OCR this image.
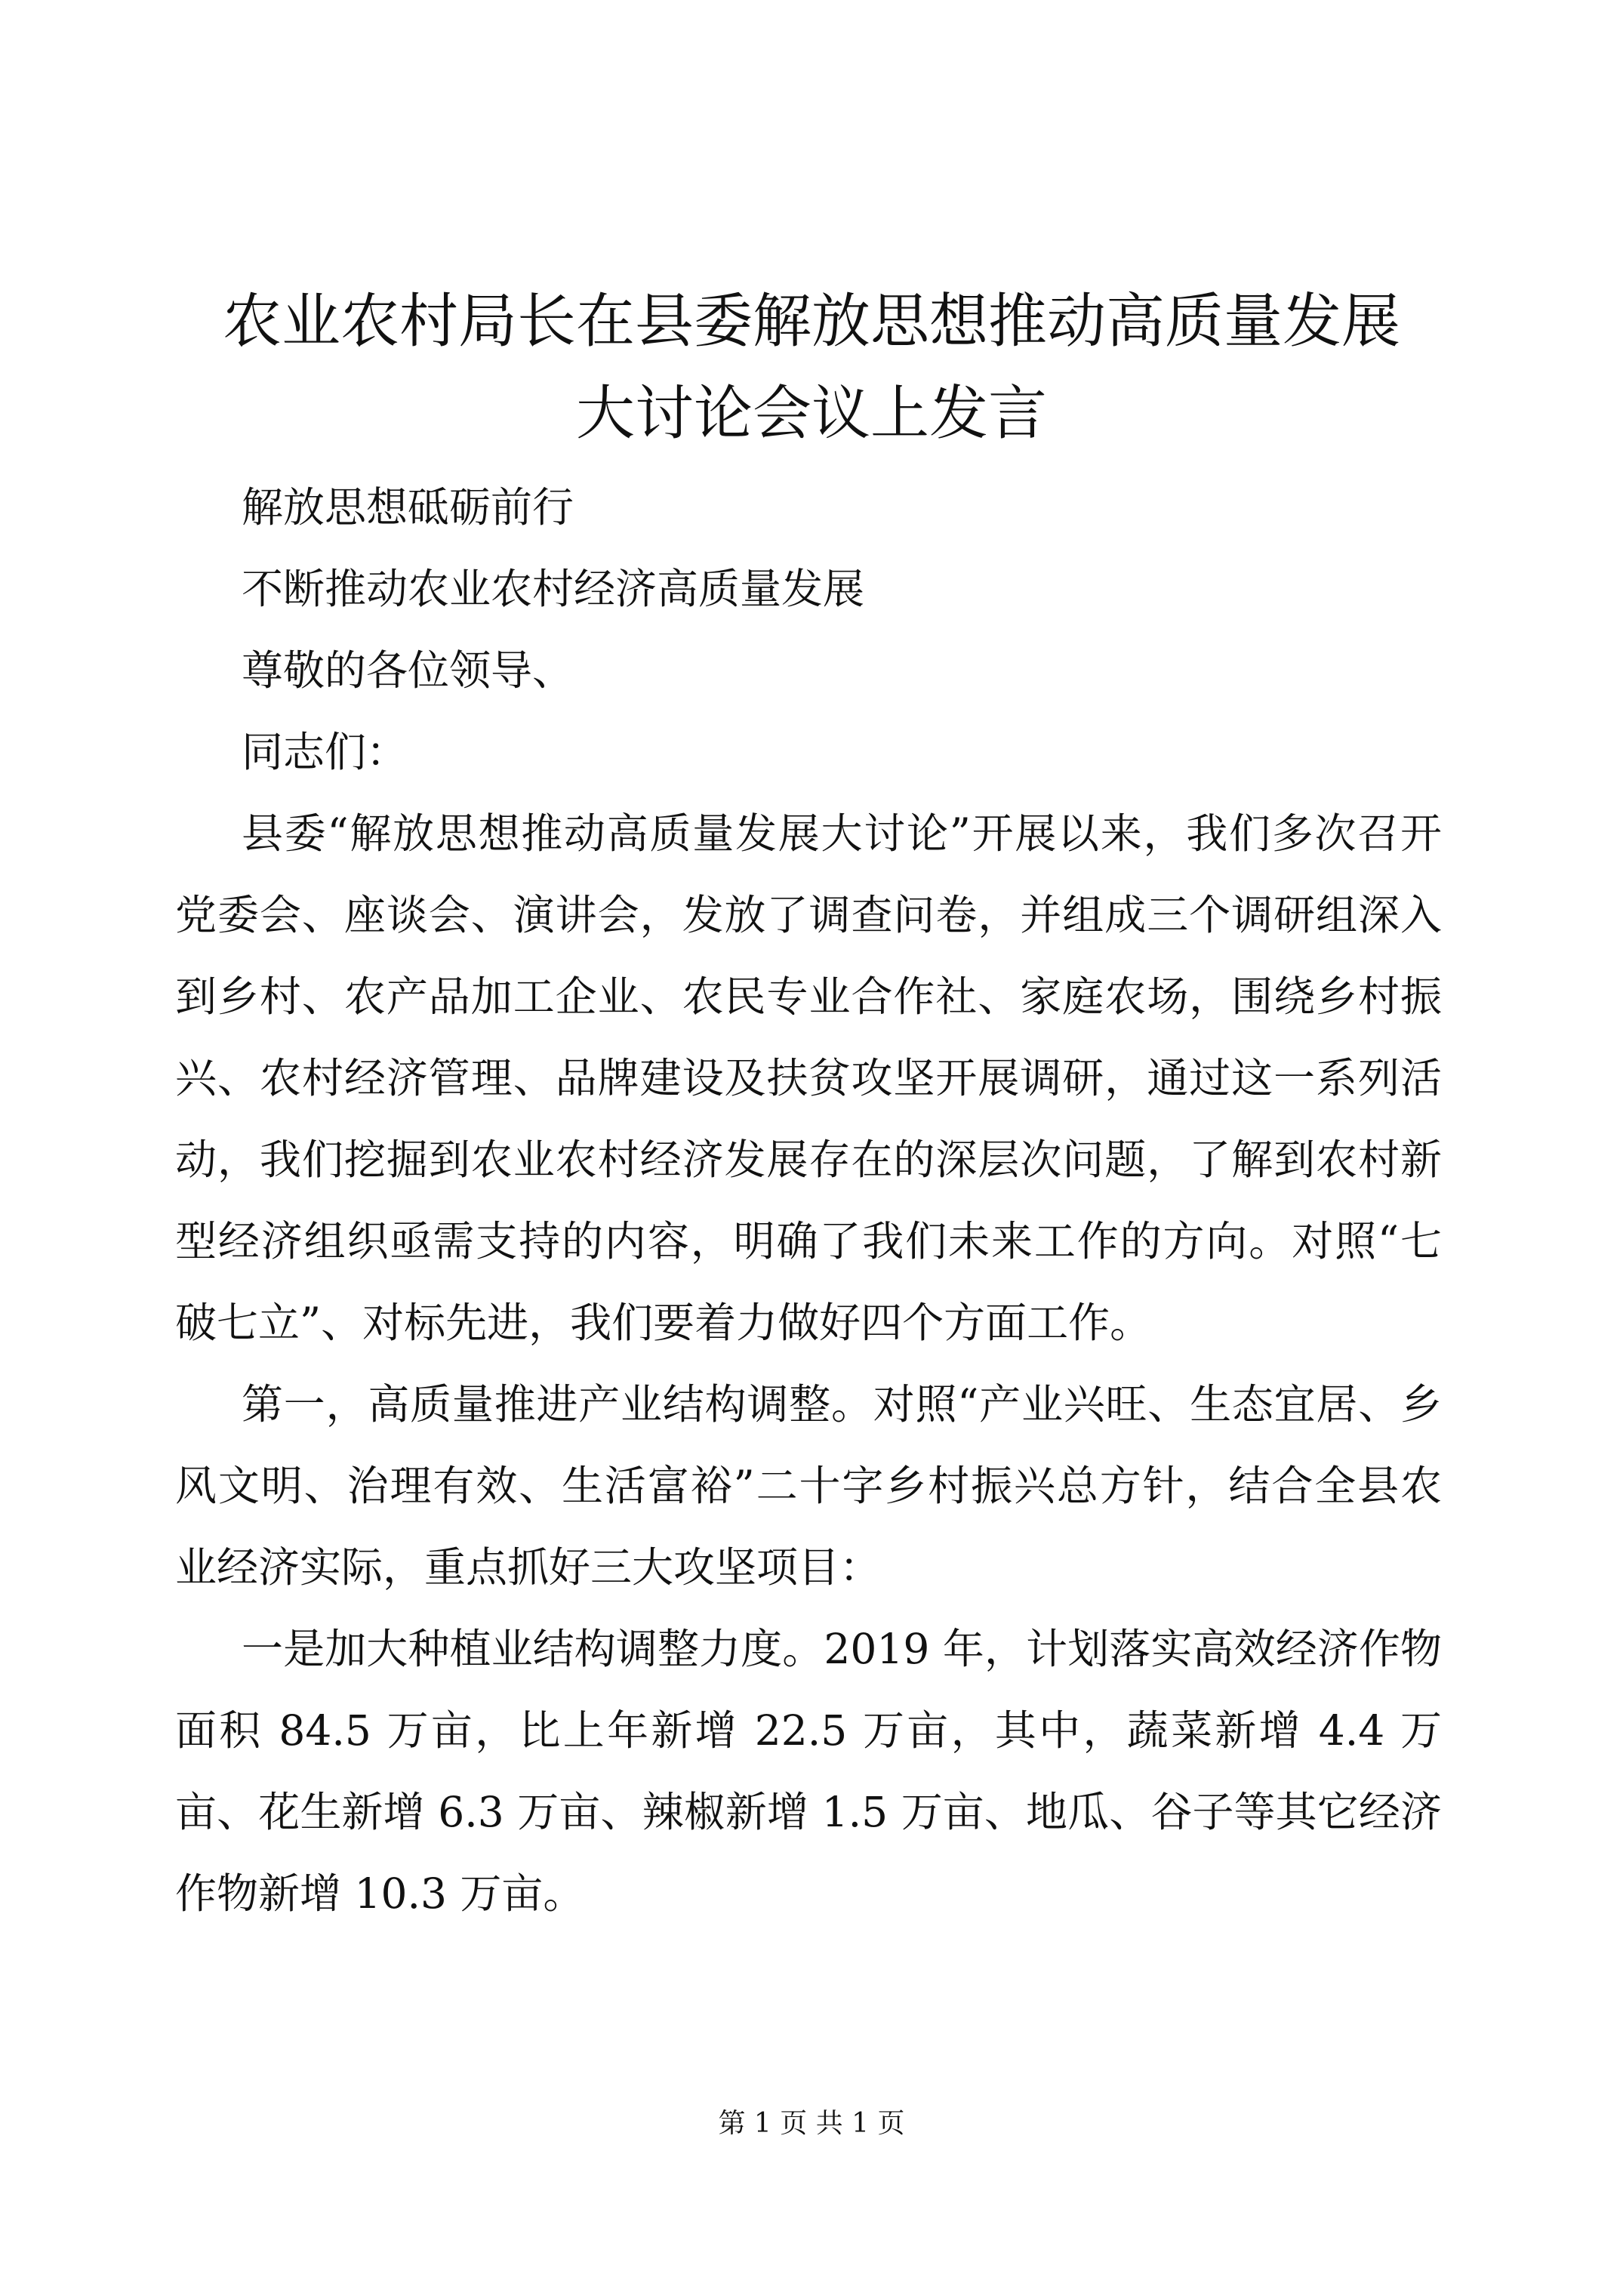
农业农村局长在县委解放思想推动高质量发展
大讨论会议上发言

解放思想砥砺前行

不断推动农业农村经济高质量发展

尊敬的各位领导、

同志们：

县委“解放思想推动高质量发展大讨论”开展以来，我们多次召开党委会、座谈会、演讲会，发放了调查问卷，并组成三个调研组深入到乡村、农产品加工企业、农民专业合作社、家庭农场，围绕乡村振兴、农村经济管理、品牌建设及扶贫攻坚开展调研，通过这一系列活动，我们挖掘到农业农村经济发展存在的深层次问题，了解到农村新型经济组织亟需支持的内容，明确了我们未来工作的方向。对照“七破七立”、对标先进，我们要着力做好四个方面工作。

第一，高质量推进产业结构调整。对照“产业兴旺、生态宜居、乡风文明、治理有效、生活富裕”二十字乡村振兴总方针，结合全县农业经济实际，重点抓好三大攻坚项目：

一是加大种植业结构调整力度。2019 年，计划落实高效经济作物面积 84.5 万亩，比上年新增 22.5 万亩，其中，蔬菜新增 4.4 万亩、花生新增 6.3 万亩、辣椒新增 1.5 万亩、地瓜、谷子等其它经济作物新增 10.3 万亩。

第 1 页 共 1 页
